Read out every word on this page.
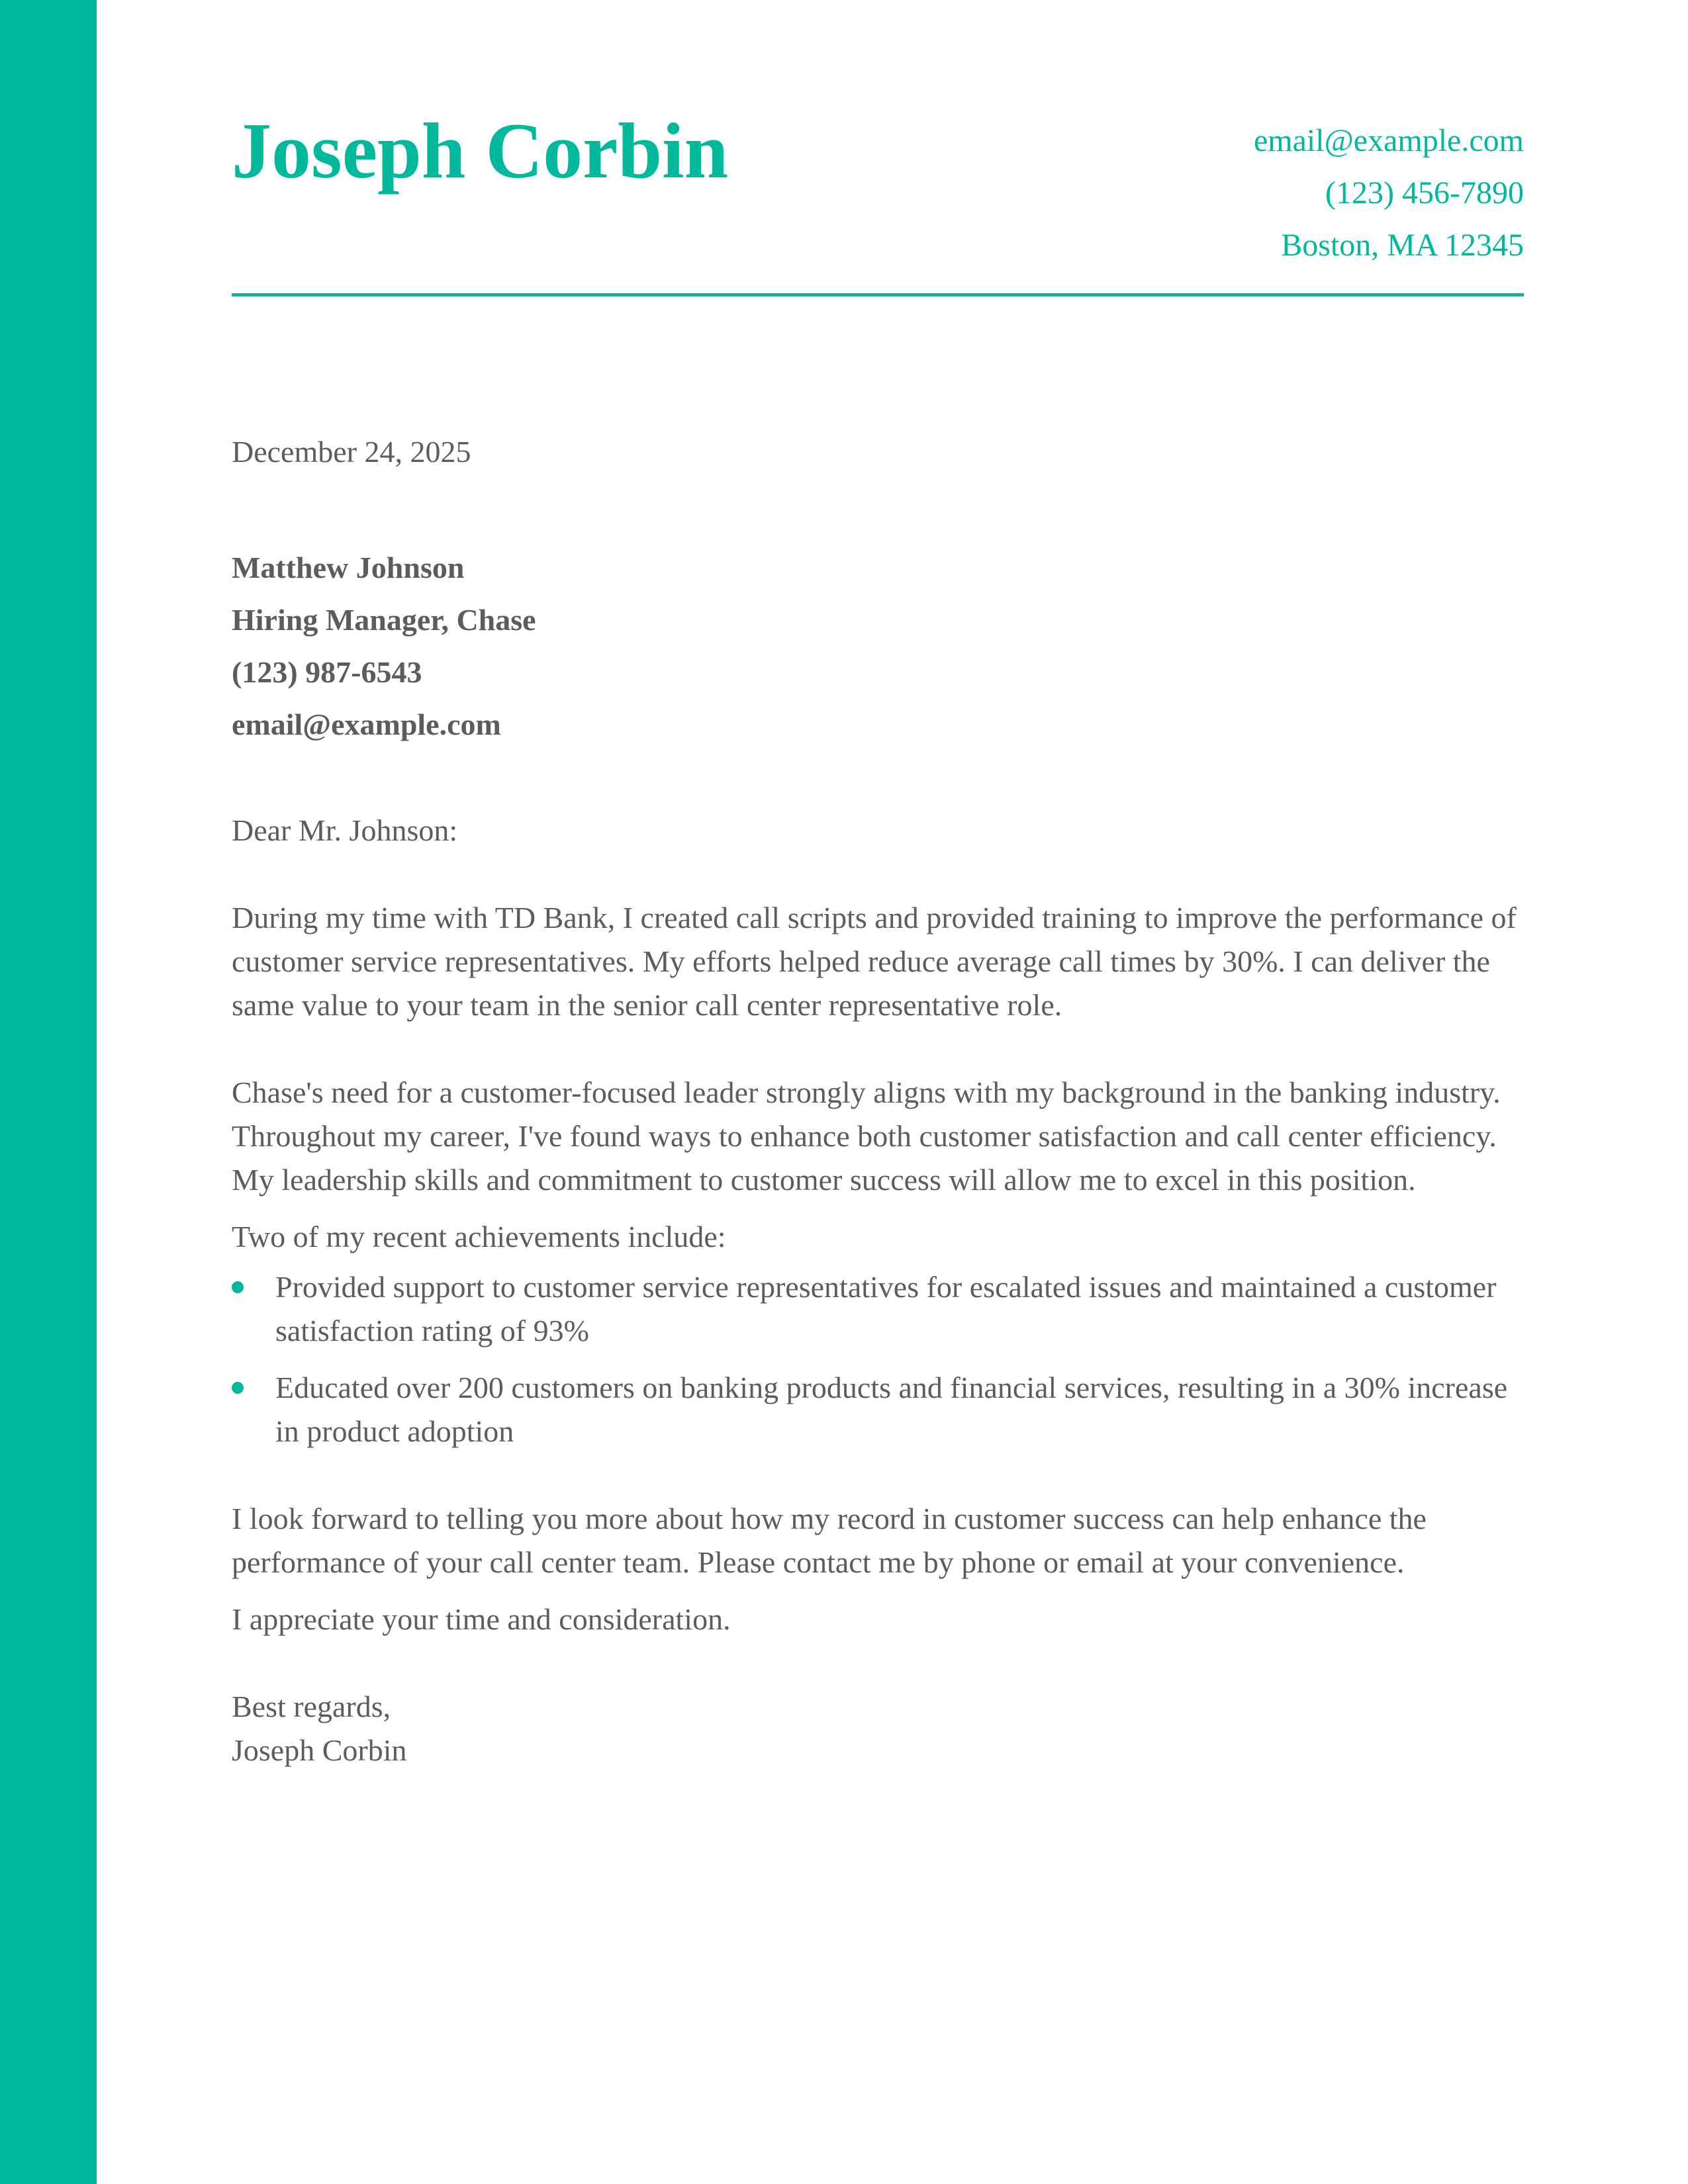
Joseph Corbin	email@example.com
(123) 456-7890
Boston, MA 12345
December 24, 2025
Matthew Johnson
Hiring Manager, Chase
(123) 987-6543
email@example.com

Dear Mr. Johnson:

During my time with TD Bank, I created call scripts and provided training to improve the performance of customer service representatives. My efforts helped reduce average call times by 30%. I can deliver the same value to your team in the senior call center representative role.

Chase's need for a customer-focused leader strongly aligns with my background in the banking industry. Throughout my career, I've found ways to enhance both customer satisfaction and call center efficiency. My leadership skills and commitment to customer success will allow me to excel in this position.

Two of my recent achievements include:

Provided support to customer service representatives for escalated issues and maintained a customer satisfaction rating of 93%
Educated over 200 customers on banking products and financial services, resulting in a 30% increase in product adoption

I look forward to telling you more about how my record in customer success can help enhance the performance of your call center team. Please contact me by phone or email at your convenience.

I appreciate your time and consideration.

Best regards,
Joseph Corbin
